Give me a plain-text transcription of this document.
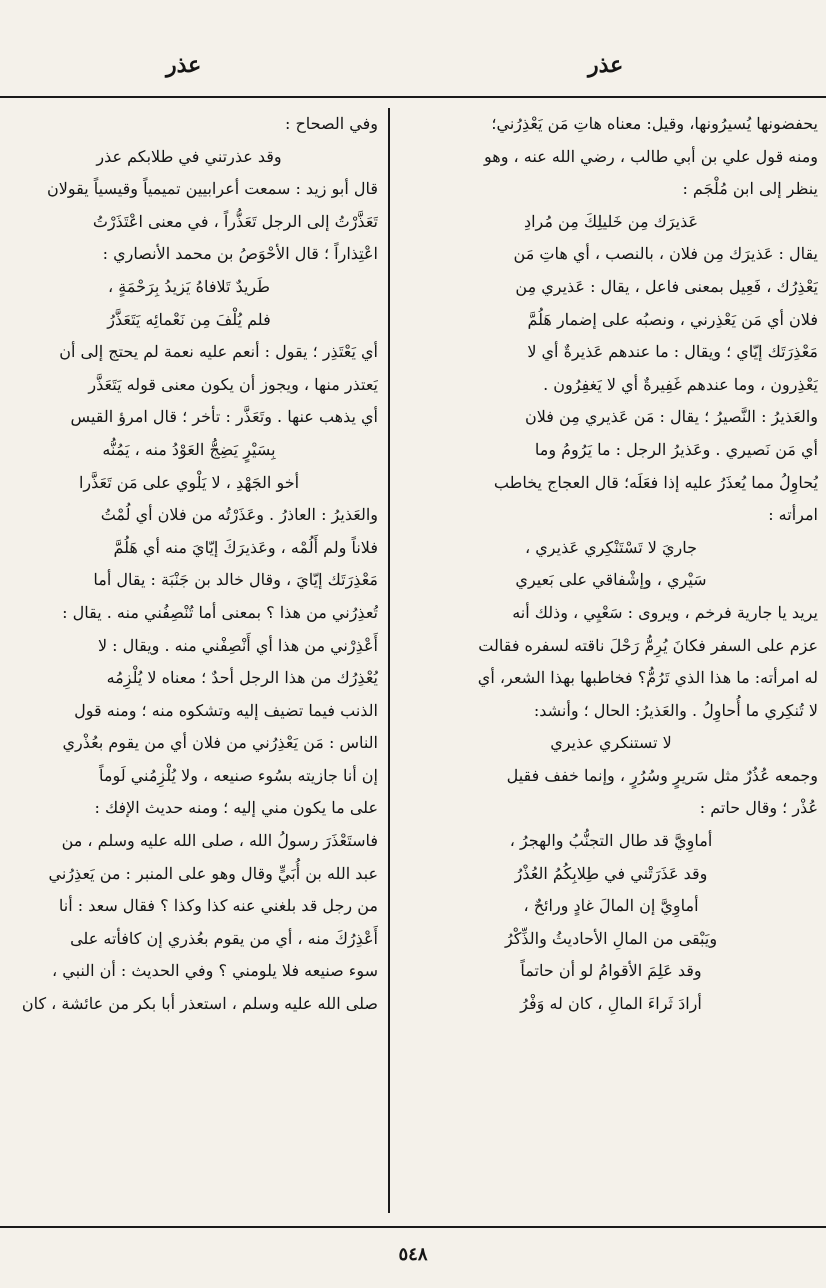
عذر	عذر
يحفضونها يُسيرُونها، وقيل: معناه هاتِ مَن يَعْذِرُني؛
ومنه قول علي بن أبي طالب ، رضي الله عنه ، وهو
ينظر إلى ابن مُلْجَم :
عَذيرَك مِن خَليلِكَ مِن مُرادِ
يقال : عَذيرَك مِن فلان ، بالنصب ، أي هاتِ مَن
يَعْذِرُك ، فَعِيل بمعنى فاعل ، يقال : عَذيري مِن
فلان أي مَن يَعْذِرني ، ونصبُه على إضمار هَلُمَّ
مَعْذِرَتَك إيّاي ؛ ويقال : ما عندهم عَذيرةٌ أي لا
يَعْذِرون ، وما عندهم غَفِيرةٌ أي لا يَغفِرُون .
والعَذيرُ : النَّصيرُ ؛ يقال : مَن عَذيري مِن فلان
أي مَن نَصيري . وعَذيرُ الرجل : ما يَرُومُ وما
يُحاوِلُ مما يُعذَرُ عليه إذا فعَلَه؛ قال العجاج يخاطب
امرأته :
جاريَ لا تَسْتَنْكِري عَذيري ،
سَيْري ، وإشْفاقي على بَعيري
يريد يا جارية فرخم ، ويروى : سَعْيِي ، وذلك أنه
عزم على السفر فكانَ يُرِمُّ رَحْلَ ناقته لسفره فقالت
له امرأته: ما هذا الذي تَرُمُّ؟ فخاطبها بهذا الشعر، أي
لا تُنكِري ما أُحاوِلُ . والعَذيرُ: الحال ؛ وأنشد:
لا تستنكري عذيري
وجمعه عُذُرٌ مثل سَريرٍ وسُرُرٍ ، وإنما خفف فقيل
عُذْر ؛ وقال حاتم :
أماوِيَّ قد طال التجنُّبُ والهجرُ ،
وقد عَذَرَتْني في طِلابِكُمُ العُذْرُ
أماوِيَّ إن المالَ غادٍ ورائحٌ ،
ويَبْقى من المالِ الأحاديثُ والذِّكْرُ
وقد عَلِمَ الأقوامُ لو أن حاتماً
أرادَ ثَراءَ المالِ ، كان له وَفْرُ
وفي الصحاح :
وقد عذرتني في طلابكم عذر
قال أبو زيد : سمعت أعرابيين تميمياً وقيسياً يقولان
تَعَذَّرْتُ إلى الرجل تَعَذُّراً ، في معنى اعْتَذَرْتُ
اعْتِذاراً ؛ قال الأحْوَصُ بن محمد الأنصاري :
طَريدٌ تَلافاهُ يَزيدُ بِرَحْمَةٍ ،
فلم يُلْفَ مِن نَعْمائِه يَتَعَذَّرُ
أي يَعْتَذِر ؛ يقول : أنعم عليه نعمة لم يحتج إلى أن
يَعتذر منها ، ويجوز أن يكون معنى قوله يَتَعَذَّر
أي يذهب عنها . وتَعَذَّر : تأخر ؛ قال امرؤ القيس
بِسَيْرٍ يَضِجُّ العَوْدُ منه ، يَمُنُّه
أخو الجَهْدِ ، لا يَلْوي على مَن تَعَذَّرا
والعَذيرُ : العاذرُ . وعَذَرْتُه من فلان أي لُمْتُ
فلاناً ولم أَلُمْه ، وعَذيرَكَ إيّايَ منه أي هَلُمَّ
مَعْذِرَتَك إيّايَ ، وقال خالد بن جَنْبَة : يقال أما
تُعذِرُني من هذا ؟ بمعنى أما تُنْصِفُني منه . يقال :
أَعْذِرْني من هذا أي أَنْصِفْني منه . ويقال : لا
يُعْذِرُك من هذا الرجل أحدٌ ؛ معناه لا يُلْزِمُه
الذنب فيما تضيف إليه وتشكوه منه ؛ ومنه قول
الناس : مَن يَعْذِرُني من فلان أي من يقوم بعُذْري
إن أنا جازيته بسُوء صنيعه ، ولا يُلْزِمُني لَوماً
على ما يكون مني إليه ؛ ومنه حديث الإفك :
فاستَعْذَرَ رسولُ الله ، صلى الله عليه وسلم ، من
عبد الله بن أُبَيٍّ وقال وهو على المنبر : من يَعذِرُني
من رجل قد بلغني عنه كذا وكذا ؟ فقال سعد : أنا
أَعْذِرُكَ منه ، أي من يقوم بعُذري إن كافأته على
سوء صنيعه فلا يلومني ؟ وفي الحديث : أن النبي ،
صلى الله عليه وسلم ، استعذر أبا بكر من عائشة ، كان
٥٤٨
